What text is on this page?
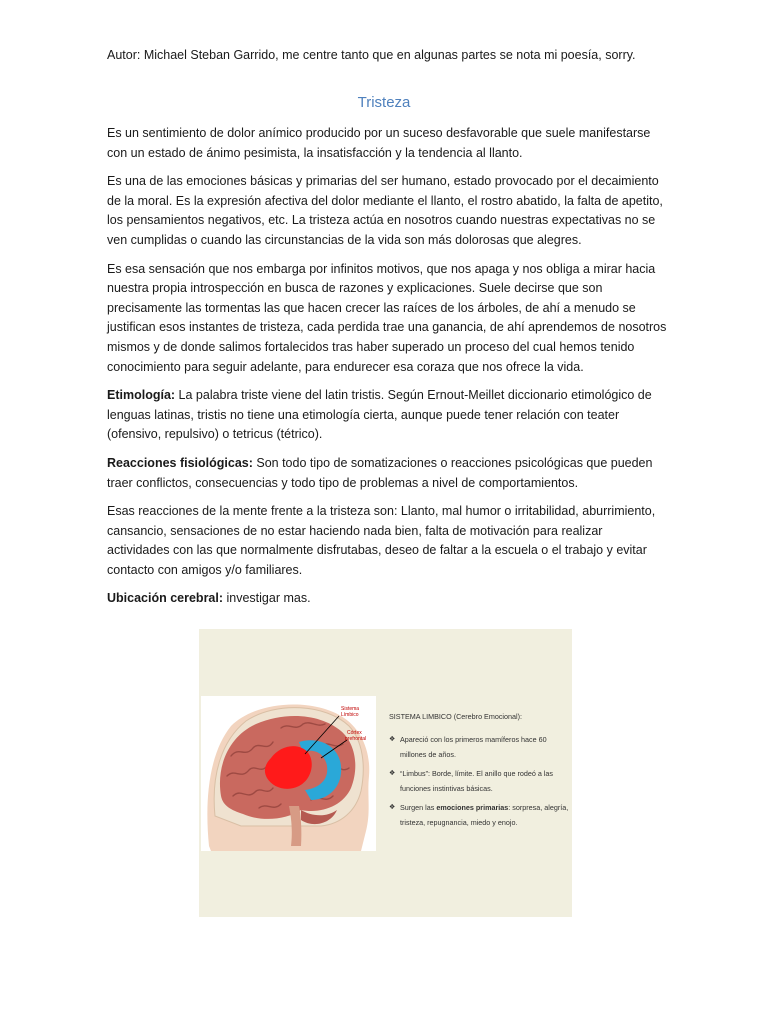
Autor: Michael Steban Garrido, me centre tanto que en algunas partes se nota mi poesía, sorry.
Tristeza

Es un sentimiento de dolor anímico producido por un suceso desfavorable que suele manifestarse con un estado de ánimo pesimista, la insatisfacción y la tendencia al llanto.

Es una de las emociones básicas y primarias del ser humano, estado provocado por el decaimiento de la moral. Es la expresión afectiva del dolor mediante el llanto, el rostro abatido, la falta de apetito, los pensamientos negativos, etc. La tristeza actúa en nosotros cuando nuestras expectativas no se ven cumplidas o cuando las circunstancias de la vida son más dolorosas que alegres.

Es esa sensación que nos embarga por infinitos motivos, que nos apaga y nos obliga a mirar hacia nuestra propia introspección en busca de razones y explicaciones. Suele decirse que son precisamente las tormentas las que hacen crecer las raíces de los árboles, de ahí a menudo se justifican esos instantes de tristeza, cada perdida trae una ganancia, de ahí aprendemos de nosotros mismos y de donde salimos fortalecidos tras haber superado un proceso del cual hemos tenido conocimiento para seguir adelante, para endurecer esa coraza que nos ofrece la vida.

Etimología: La palabra triste viene del latin tristis. Según Ernout-Meillet diccionario etimológico de lenguas latinas, tristis no tiene una etimología cierta, aunque puede tener relación con teater (ofensivo, repulsivo) o tetricus (tétrico).

Reacciones fisiológicas: Son todo tipo de somatizaciones o reacciones psicológicas que pueden traer conflictos, consecuencias y todo tipo de problemas a nivel de comportamientos.

Esas reacciones de la mente frente a la tristeza son: Llanto, mal humor o irritabilidad, aburrimiento, cansancio, sensaciones de no estar haciendo nada bien, falta de motivación para realizar actividades con las que normalmente disfrutabas, deseo de faltar a la escuela o el trabajo y evitar contacto con amigos y/o familiares.

Ubicación cerebral: investigar mas.

Sistema
Límbico
Córtex
prefrontal
SISTEMA LIMBICO (Cerebro Emocional):
❖ Apareció con los primeros mamíferos hace 60 millones de años.
❖ “Limbus”: Borde, límite. El anillo que rodeó a las funciones instintivas básicas.
❖ Surgen las emociones primarias: sorpresa, alegría, tristeza, repugnancia, miedo y enojo.
